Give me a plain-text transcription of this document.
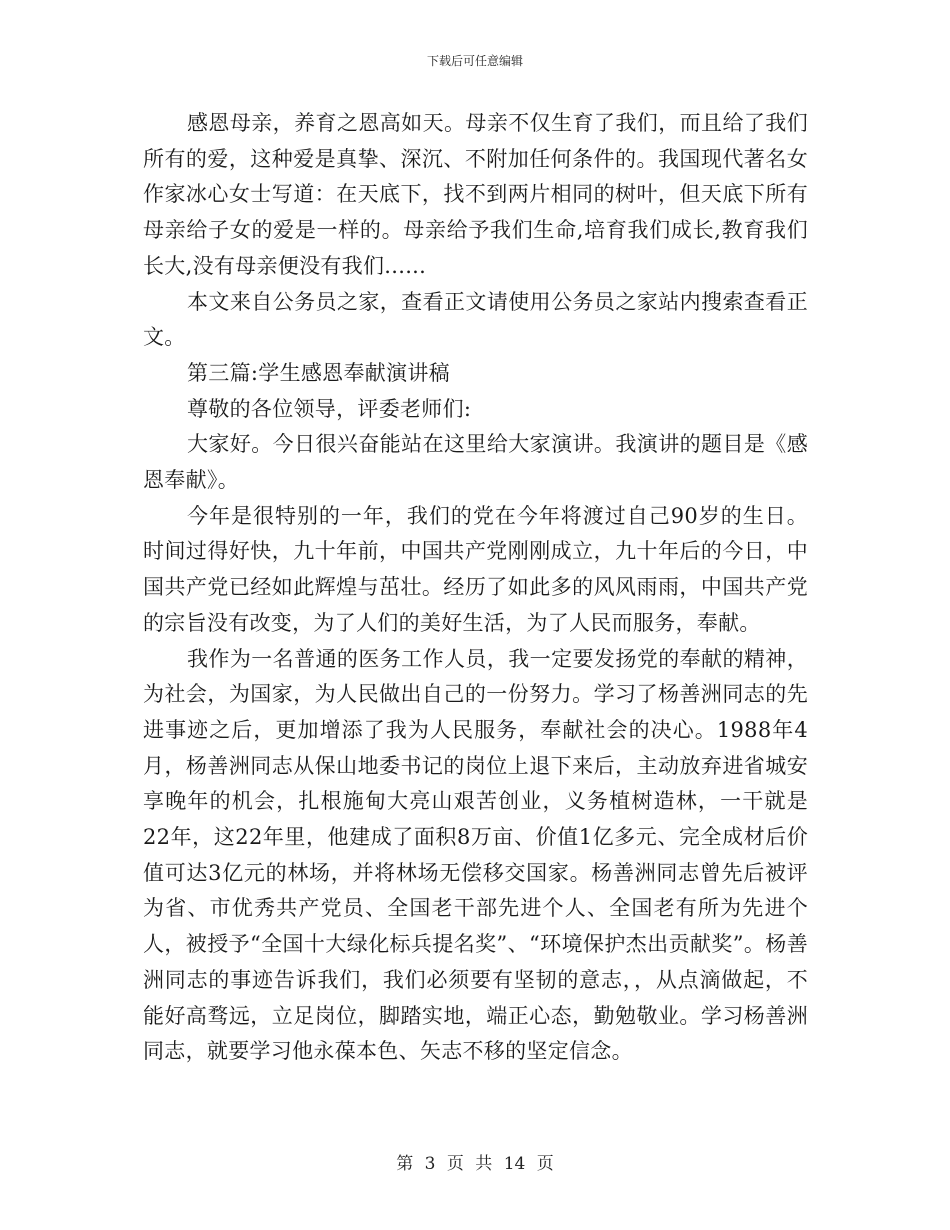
下载后可任意编辑

感恩母亲，养育之恩高如天。母亲不仅生育了我们，而且给了我们所有的爱，这种爱是真挚、深沉、不附加任何条件的。我国现代著名女作家冰心女士写道：在天底下，找不到两片相同的树叶，但天底下所有母亲给子女的爱是一样的。母亲给予我们生命,培育我们成长,教育我们长大,没有母亲便没有我们......

本文来自公务员之家，查看正文请使用公务员之家站内搜索查看正文。

第三篇:学生感恩奉献演讲稿

尊敬的各位领导，评委老师们:

大家好。今日很兴奋能站在这里给大家演讲。我演讲的题目是《感恩奉献》。

今年是很特别的一年，我们的党在今年将渡过自己90岁的生日。时间过得好快，九十年前，中国共产党刚刚成立，九十年后的今日，中国共产党已经如此辉煌与茁壮。经历了如此多的风风雨雨，中国共产党的宗旨没有改变，为了人们的美好生活，为了人民而服务，奉献。

我作为一名普通的医务工作人员，我一定要发扬党的奉献的精神，为社会，为国家，为人民做出自己的一份努力。学习了杨善洲同志的先进事迹之后，更加增添了我为人民服务，奉献社会的决心。1988年4月，杨善洲同志从保山地委书记的岗位上退下来后，主动放弃进省城安享晚年的机会，扎根施甸大亮山艰苦创业，义务植树造林，一干就是22年，这22年里，他建成了面积8万亩、价值1亿多元、完全成材后价值可达3亿元的林场，并将林场无偿移交国家。杨善洲同志曾先后被评为省、市优秀共产党员、全国老干部先进个人、全国老有所为先进个人，被授予“全国十大绿化标兵提名奖”、“环境保护杰出贡献奖”。杨善洲同志的事迹告诉我们，我们必须要有坚韧的意志，，从点滴做起，不能好高骛远，立足岗位，脚踏实地，端正心态，勤勉敬业。学习杨善洲同志，就要学习他永葆本色、矢志不移的坚定信念。

第 3 页 共 14 页
